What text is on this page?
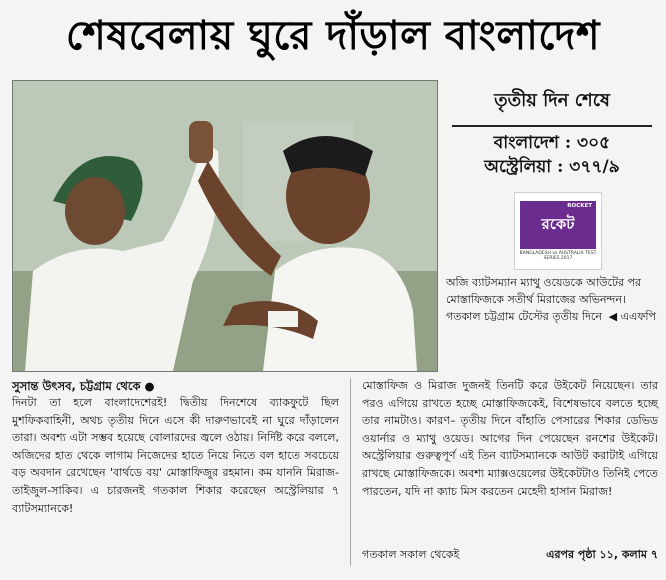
শেষবেলায় ঘুরে দাঁড়াল বাংলাদেশ
তৃতীয় দিন শেষে
বাংলাদেশ : ৩০৫
অস্ট্রেলিয়া : ৩৭৭/৯
ROCKET
রকেট
BANGLADESH vs AUSTRALIA TEST SERIES 2017
অজি ব্যাটসম্যান ম্যাথু ওয়েডকে আউটের পর মোস্তাফিজকে সতীর্থ মিরাজের অভিনন্দন। গতকাল চট্টগ্রাম টেস্টের তৃতীয় দিনে ◀ এএফপি
সুসান্ত উৎসব, চট্টগ্রাম থেকে ●
দিনটা তা হলে বাংলাদেশেরই! দ্বিতীয় দিনশেষে ব্যাকফুটে ছিল মুশফিকবাহিনী, অথচ তৃতীয় দিনে এসে কী দারুণভাবেই না ঘুরে দাঁড়ালেন তারা। অবশ্য এটা সম্ভব হয়েছে বোলারদের জ্বলে ওঠায়। নির্দিষ্ট করে বললে, অজিদের হাত থেকে লাগাম নিজেদের হাতে নিয়ে নিতে বল হাতে সবচেয়ে বড় অবদান রেখেছেন 'বার্থডে বয়' মোস্তাফিজুর রহমান। কম যাননি মিরাজ-তাইজুল-সাকিব। এ চারজনই গতকাল শিকার করেছেন অস্ট্রেলিয়ার ৭ ব্যাটসম্যানকে!
মোস্তাফিজ ও মিরাজ দুজনই তিনটি করে উইকেট নিয়েছেন। তার পরও এগিয়ে রাখতে হচ্ছে মোস্তাফিজকেই, বিশেষভাবে বলতে হচ্ছে তার নামটাও। কারণ– তৃতীয় দিনে বাঁহাতি পেসারের শিকার ডেভিড ওয়ার্নার ও ম্যাথু ওয়েড। আগের দিন পেয়েছেন রনশের উইকেট। অস্ট্রেলিয়ার গুরুত্বপূর্ণ এই তিন ব্যাটসম্যানকে আউট করাটাই এগিয়ে রাখছে মোস্তাফিজকে। অবশ্য ম্যাক্সওয়েলের উইকেটটাও তিনিই পেতে পারতেন, যদি না ক্যাচ মিস করতেন মেহেদী হাসান মিরাজ!
গতকাল সকাল থেকেই	এরপর পৃষ্ঠা ১১, কলাম ৭
